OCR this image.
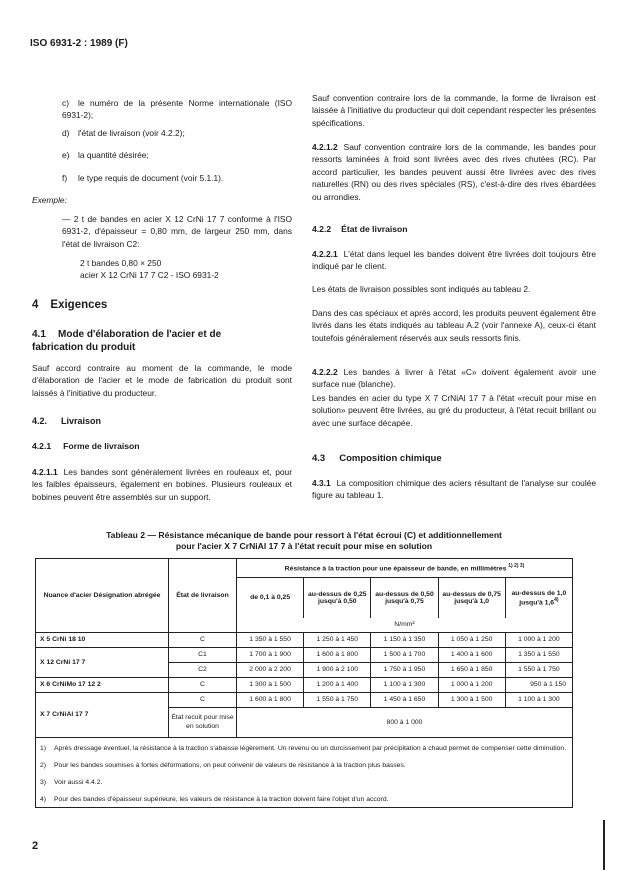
ISO 6931-2 : 1989 (F)
c) le numéro de la présente Norme internationale (ISO 6931-2);
d) l'état de livraison (voir 4.2.2);
e) la quantité désirée;
f) le type requis de document (voir 5.1.1).
Exemple:
— 2 t de bandes en acier X 12 CrNi 17 7 conforme à l'ISO 6931-2, d'épaisseur = 0,80 mm, de largeur 250 mm, dans l'état de livraison C2:
2 t bandes 0,80 × 250
acier X 12 CrNi 17 7 C2 - ISO 6931-2
4 Exigences
4.1	Mode d'élaboration de l'acier et de fabrication du produit
Sauf accord contraire au moment de la commande, le mode d'élaboration de l'acier et le mode de fabrication du produit sont laissés à l'initiative du producteur.
4.2. Livraison
4.2.1 Forme de livraison
4.2.1.1 Les bandes sont généralement livrées en rouleaux et, pour les faibles épaisseurs, également en bobines. Plusieurs rouleaux et bobines peuvent être assemblés sur un support.
Sauf convention contraire lors de la commande, la forme de livraison est laissée à l'initiative du producteur qui doit cependant respecter les présentes spécifications.
4.2.1.2 Sauf convention contraire lors de la commande, les bandes pour ressorts laminées à froid sont livrées avec des rives chutées (RC). Par accord particulier, les bandes peuvent aussi être livrées avec des rives naturelles (RN) ou des rives spéciales (RS), c'est-à-dire des rives ébardées ou arrondies.
4.2.2 État de livraison
4.2.2.1 L'état dans lequel les bandes doivent être livrées doit toujours être indiqué par le client.
Les états de livraison possibles sont indiqués au tableau 2.
Dans des cas spéciaux et après accord, les produits peuvent également être livrés dans les états indiqués au tableau A.2 (voir l'annexe A), ceux-ci étant toutefois généralement réservés aux seuls ressorts finis.
4.2.2.2 Les bandes à livrer à l'état «C» doivent également avoir une surface nue (blanche).
Les bandes en acier du type X 7 CrNiAl 17 7 à l'état «recuit pour mise en solution» peuvent être livrées, au gré du producteur, à l'état recuit brillant ou avec une surface décapée.
4.3 Composition chimique
4.3.1 La composition chimique des aciers résultant de l'analyse sur coulée figure au tableau 1.
Tableau 2 — Résistance mécanique de bande pour ressort à l'état écroui (C) et additionnellement
pour l'acier X 7 CrNiAl 17 7 à l'état recuit pour mise en solution
Nuance d'acier Désignation abrégée	État de livraison	Résistance à la traction pour une épaisseur de bande, en millimètres $^{1) 2) 3)}$
		de 0,1 à 0,25	au-dessus de 0,25 jusqu'à 0,50	au-dessus de 0,50 jusqu'à 0,75	au-dessus de 0,75 jusqu'à 1,0	au-dessus de 1,0 jusqu'à 1,6$^{4)}$
		N/mm²				
X 5 CrNi 18 10	C	1 350 à 1 550	1 250 à 1 450	1 150 à 1 350	1 050 à 1 250	1 000 à 1 200
X 12 CrNi 17 7	C1	1 700 à 1 900	1 600 à 1 800	1 500 à 1 700	1 400 à 1 600	1 350 à 1 550
	C2	2 000 à 2 200	1 900 à 2 100	1 750 à 1 950	1 650 à 1 850	1 550 à 1 750
X 6 CrNiMo 17 12 2	C	1 300 à 1 500	1 200 à 1 400	1 100 à 1 300	1 000 à 1 200	950 à 1 150
X 7 CrNiAl 17 7	C	1 600 à 1 800	1 550 à 1 750	1 450 à 1 650	1 300 à 1 500	1 100 à 1 300
	État recuit pour mise en solution	800 à 1 000				

1) Après dressage éventuel, la résistance à la traction s'abaisse légèrement. Un revenu ou un durcissement par précipitation à chaud permet de compenser cette diminution.
2) Pour les bandes soumises à fortes déformations, on peut convenir de valeurs de résistance à la traction plus basses.
3) Voir aussi 4.4.2.
4) Pour des bandes d'épaisseur supérieure, les valeurs de résistance à la traction doivent faire l'objet d'un accord.						
2
